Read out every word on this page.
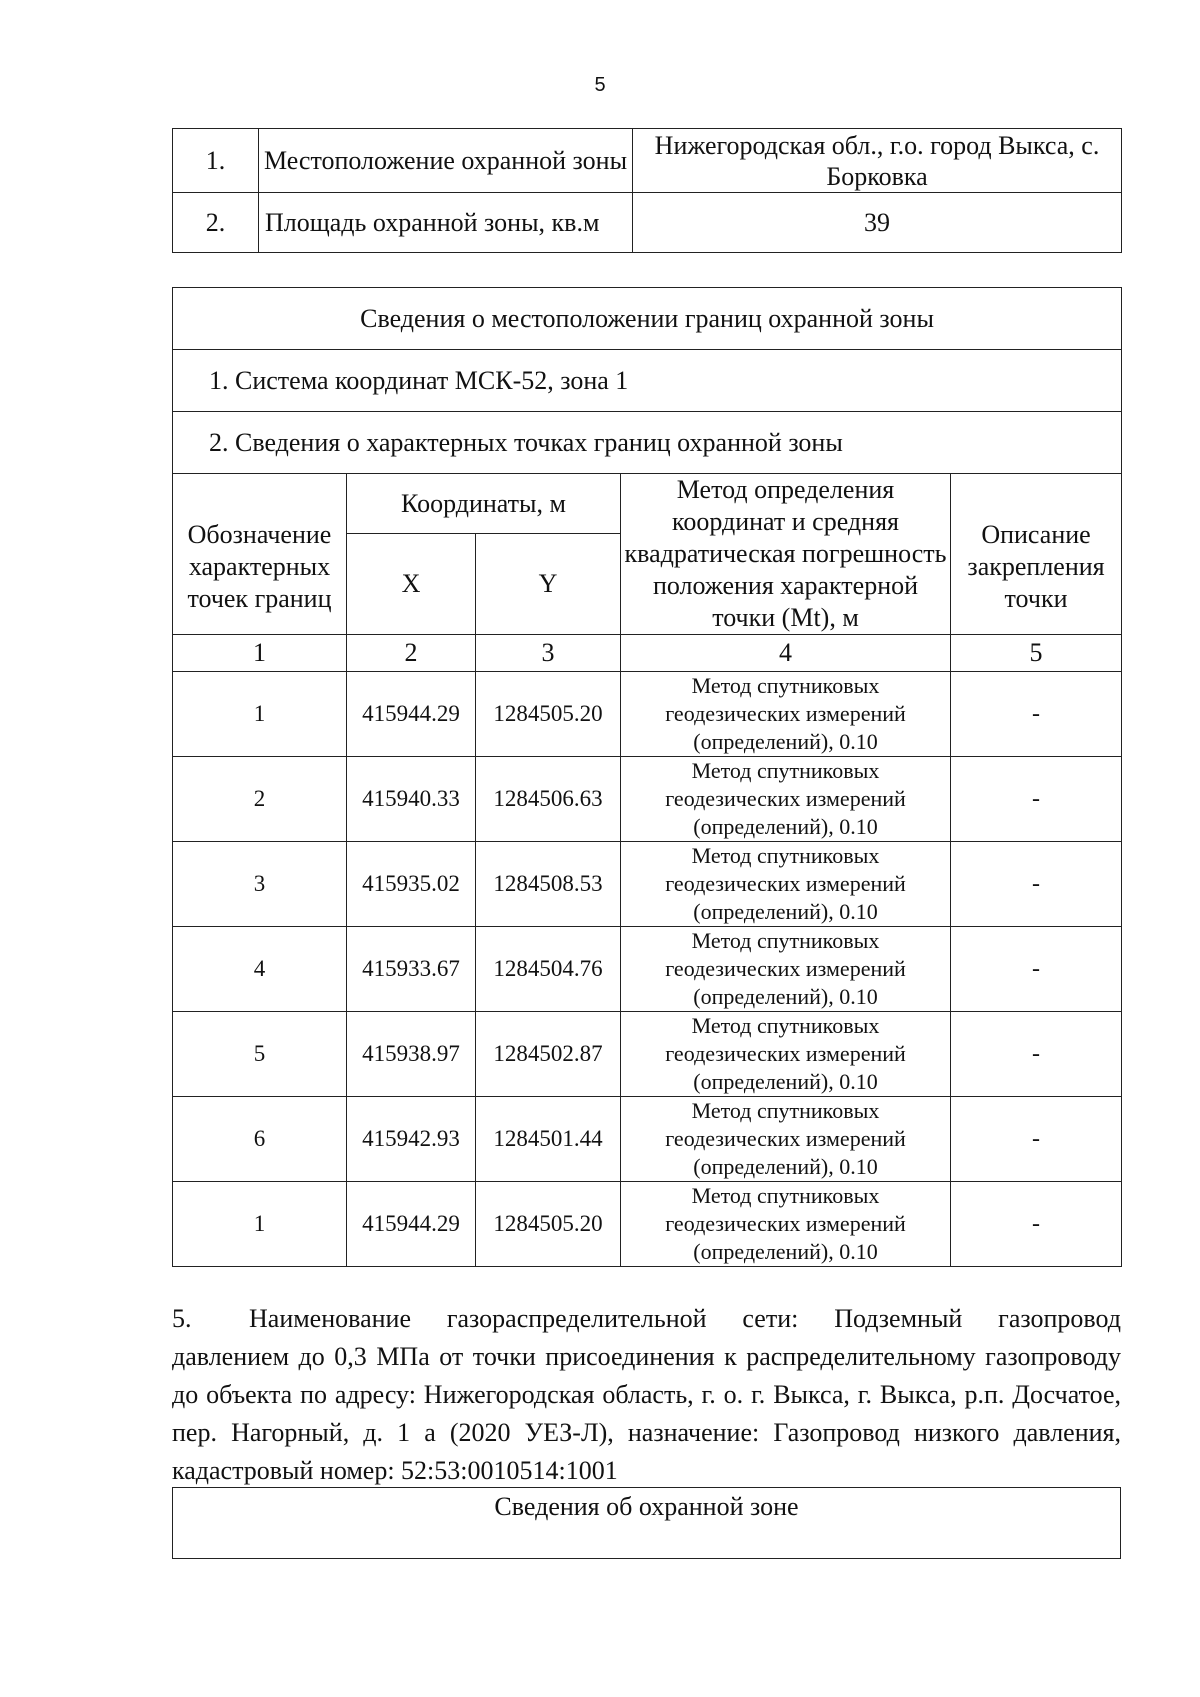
5
1.	Местоположение охранной зоны	Нижегородская обл., г.о. город Выкса, с. Борковка
2.	Площадь охранной зоны, кв.м	39
Сведения о местоположении границ охранной зоны				
1. Система координат МСК-52, зона 1				
2. Сведения о характерных точках границ охранной зоны				
Обозначение характерных точек границ	Координаты, м		Метод определения координат и средняя квадратическая погрешность положения характерной точки (Мt), м	Описание закрепления точки
	X	Y		
1	2	3	4	5
1	415944.29	1284505.20	Метод спутниковых
геодезических измерений
(определений), 0.10	-
2	415940.33	1284506.63	Метод спутниковых
геодезических измерений
(определений), 0.10	-
3	415935.02	1284508.53	Метод спутниковых
геодезических измерений
(определений), 0.10	-
4	415933.67	1284504.76	Метод спутниковых
геодезических измерений
(определений), 0.10	-
5	415938.97	1284502.87	Метод спутниковых
геодезических измерений
(определений), 0.10	-
6	415942.93	1284501.44	Метод спутниковых
геодезических измерений
(определений), 0.10	-
1	415944.29	1284505.20	Метод спутниковых
геодезических измерений
(определений), 0.10	-
5. Наименование газораспределительной сети: Подземный газопровод давлением до 0,3 МПа от точки присоединения к распределительному газопроводу до объекта по адресу: Нижегородская область, г. о. г. Выкса, г. Выкса, р.п. Досчатое, пер. Нагорный, д. 1 а (2020 УЕЗ-Л), назначение: Газопровод низкого давления, кадастровый номер: 52:53:0010514:1001
Сведения об охранной зоне
